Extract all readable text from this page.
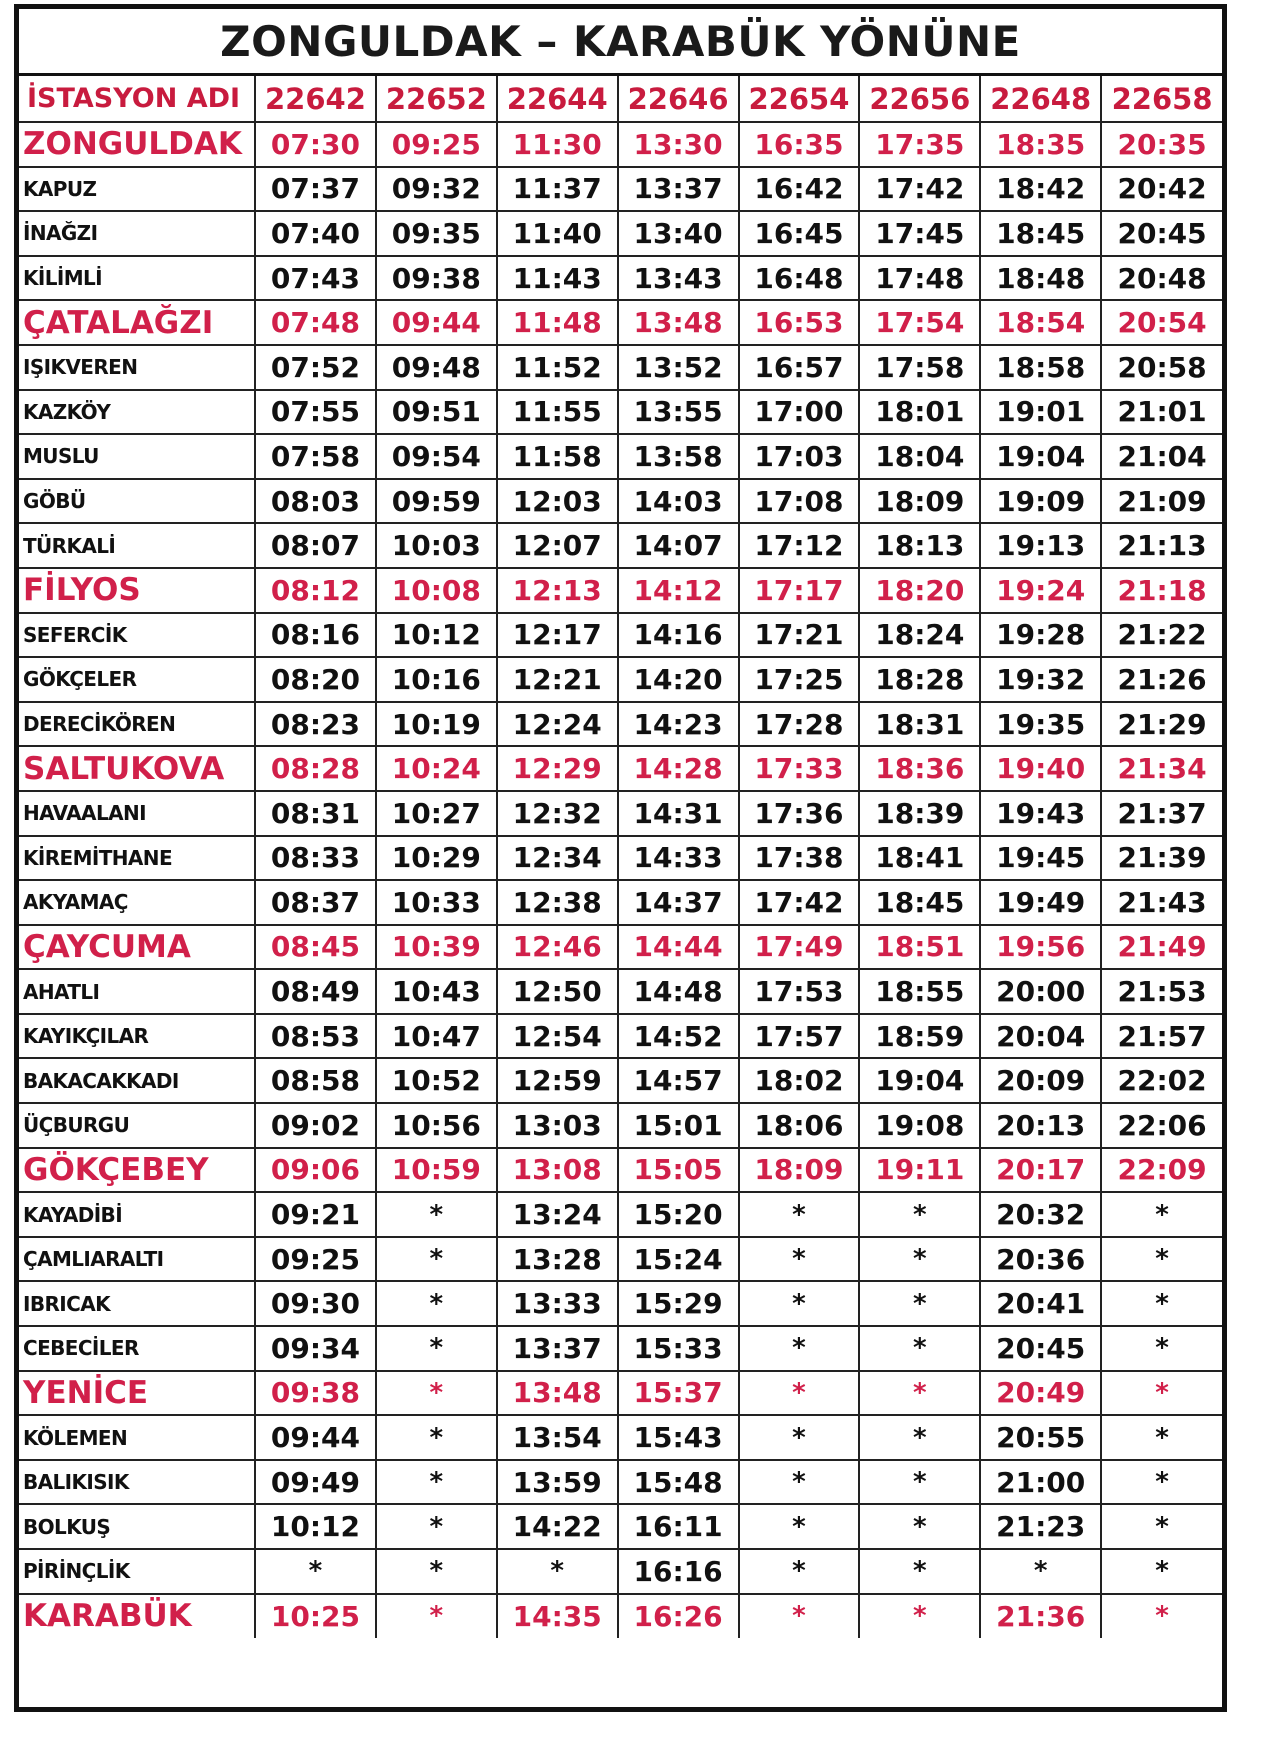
ZONGULDAK – KARABÜK YÖNÜNE
İSTASYON ADI	22642	22652	22644	22646	22654	22656	22648	22658
ZONGULDAK	07:30	09:25	11:30	13:30	16:35	17:35	18:35	20:35
KAPUZ	07:37	09:32	11:37	13:37	16:42	17:42	18:42	20:42
İNAĞZI	07:40	09:35	11:40	13:40	16:45	17:45	18:45	20:45
KİLİMLİ	07:43	09:38	11:43	13:43	16:48	17:48	18:48	20:48
ÇATALAĞZI	07:48	09:44	11:48	13:48	16:53	17:54	18:54	20:54
IŞIKVEREN	07:52	09:48	11:52	13:52	16:57	17:58	18:58	20:58
KAZKÖY	07:55	09:51	11:55	13:55	17:00	18:01	19:01	21:01
MUSLU	07:58	09:54	11:58	13:58	17:03	18:04	19:04	21:04
GÖBÜ	08:03	09:59	12:03	14:03	17:08	18:09	19:09	21:09
TÜRKALİ	08:07	10:03	12:07	14:07	17:12	18:13	19:13	21:13
FİLYOS	08:12	10:08	12:13	14:12	17:17	18:20	19:24	21:18
SEFERCİK	08:16	10:12	12:17	14:16	17:21	18:24	19:28	21:22
GÖKÇELER	08:20	10:16	12:21	14:20	17:25	18:28	19:32	21:26
DERECİKÖREN	08:23	10:19	12:24	14:23	17:28	18:31	19:35	21:29
SALTUKOVA	08:28	10:24	12:29	14:28	17:33	18:36	19:40	21:34
HAVAALANI	08:31	10:27	12:32	14:31	17:36	18:39	19:43	21:37
KİREMİTHANE	08:33	10:29	12:34	14:33	17:38	18:41	19:45	21:39
AKYAMAÇ	08:37	10:33	12:38	14:37	17:42	18:45	19:49	21:43
ÇAYCUMA	08:45	10:39	12:46	14:44	17:49	18:51	19:56	21:49
AHATLI	08:49	10:43	12:50	14:48	17:53	18:55	20:00	21:53
KAYIKÇILAR	08:53	10:47	12:54	14:52	17:57	18:59	20:04	21:57
BAKACAKKADI	08:58	10:52	12:59	14:57	18:02	19:04	20:09	22:02
ÜÇBURGU	09:02	10:56	13:03	15:01	18:06	19:08	20:13	22:06
GÖKÇEBEY	09:06	10:59	13:08	15:05	18:09	19:11	20:17	22:09
KAYADİBİ	09:21	*	13:24	15:20	*	*	20:32	*
ÇAMLIARALTI	09:25	*	13:28	15:24	*	*	20:36	*
IBRICAK	09:30	*	13:33	15:29	*	*	20:41	*
CEBECİLER	09:34	*	13:37	15:33	*	*	20:45	*
YENİCE	09:38	*	13:48	15:37	*	*	20:49	*
KÖLEMEN	09:44	*	13:54	15:43	*	*	20:55	*
BALIKISIK	09:49	*	13:59	15:48	*	*	21:00	*
BOLKUŞ	10:12	*	14:22	16:11	*	*	21:23	*
PİRİNÇLİK	*	*	*	16:16	*	*	*	*
KARABÜK	10:25	*	14:35	16:26	*	*	21:36	*
